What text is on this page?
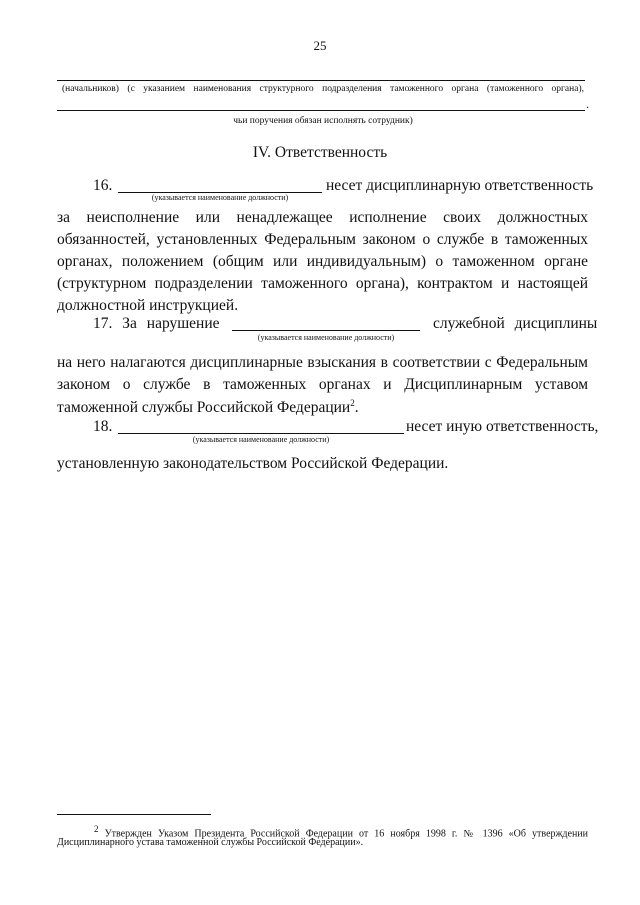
25
(начальников) (с указанием наименования структурного подразделения таможенного органа (таможенного органа),
.
чьи поручения обязан исполнять сотрудник)
IV. Ответственность
16.
(указывается наименование должности)
несет дисциплинарную ответственность
за неисполнение или ненадлежащее исполнение своих должностных
обязанностей, установленных Федеральным законом о службе в таможенных
органах, положением (общим или индивидуальным) о таможенном органе
(структурном подразделении таможенного органа), контрактом и настоящей
должностной инструкцией.
17. За нарушение
(указывается наименование должности)
служебной дисциплины
на него налагаются дисциплинарные взыскания в соответствии с Федеральным
законом о службе в таможенных органах и Дисциплинарным уставом
таможенной службы Российской Федерации$^2$.
18.
(указывается наименование должности)
несет иную ответственность,
установленную законодательством Российской Федерации.
$^2$ Утвержден Указом Президента Российской Федерации от 16 ноября 1998 г. № 1396 «Об утверждении
Дисциплинарного устава таможенной службы Российской Федерации».
